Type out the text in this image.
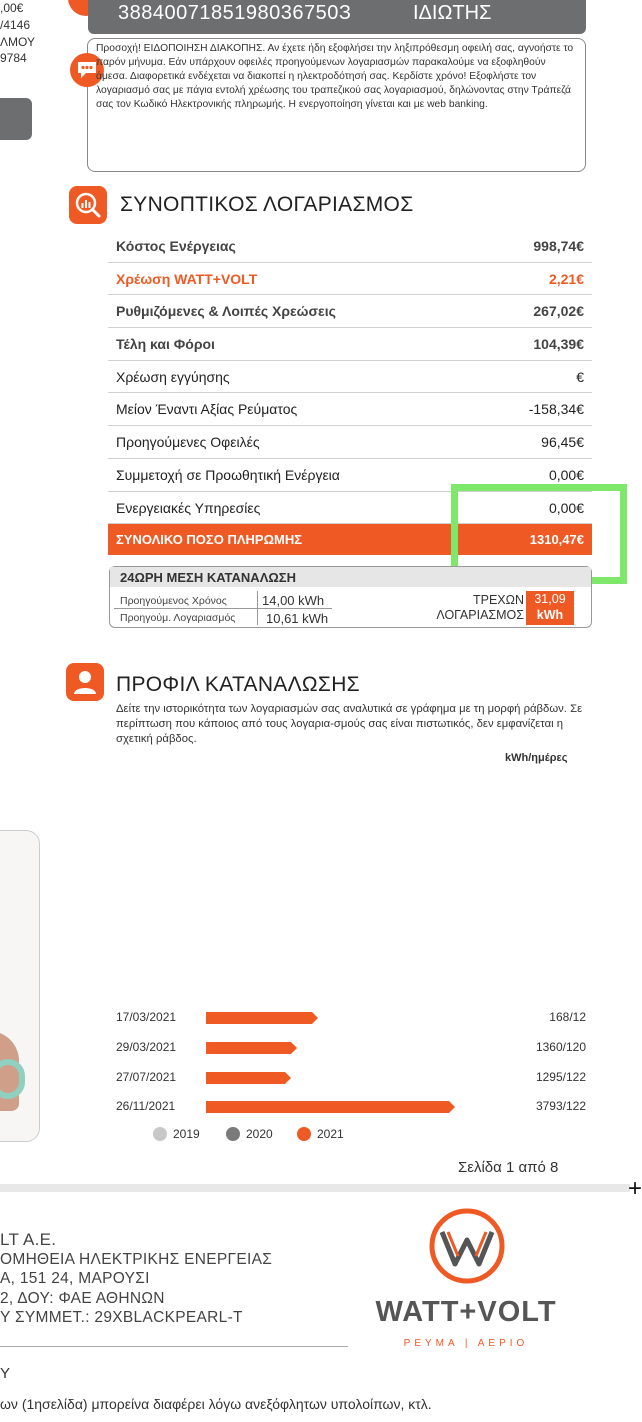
,00€
/4146
ΛΜΟΥ
9784
3884007185198036750З	ΙΔΙΩΤΗΣ
Προσοχή! ΕΙΔΟΠΟΙΗΣΗ ΔΙΑΚΟΠΗΣ. Αν έχετε ήδη εξοφλήσει την ληξιπρόθεσμη οφειλή σας, αγνοήστε το παρόν μήνυμα. Εάν υπάρχουν οφειλές προηγούμενων λογαριασμών παρακαλούμε να εξοφληθούν άμεσα. Διαφορετικά ενδέχεται να διακοπεί η ηλεκτροδότησή σας. Κερδίστε χρόνο! Εξοφλήστε τον λογαριασμό σας με πάγια εντολή χρέωσης του τραπεζικού σας λογαριασμού, δηλώνοντας στην Τράπεζά σας τον Κωδικό Ηλεκτρονικής πληρωμής. Η ενεργοποίηση γίνεται και με web banking.
ΣΥΝΟΠΤΙΚΟΣ ΛΟΓΑΡΙΑΣΜΟΣ
Κόστος Ενέργειας	998,74€
Χρέωση WATT+VOLT	2,21€
Ρυθμιζόμενες & Λοιπές Χρεώσεις	267,02€
Τέλη και Φόροι	104,39€
Χρέωση εγγύησης	€
Μείον Έναντι Αξίας Ρεύματος	-158,34€
Προηγούμενες Οφειλές	96,45€
Συμμετοχή σε Προωθητική Ενέργεια	0,00€
Ενεργειακές Υπηρεσίες	0,00€
ΣΥΝΟΛΙΚΟ ΠΟΣΟ ΠΛΗΡΩΜΗΣ	1310,47€
24ΩΡΗ ΜΕΣΗ ΚΑΤΑΝΑΛΩΣΗ
Προηγούμενος Χρόνος	14,00 kWh
Προηγούμ. Λογαριασμός 10,61 kWh
ΤΡΕΧΩΝ
ΛΟΓΑΡΙΑΣΜΟΣ
31,09
kWh
ΠΡΟΦΙΛ ΚΑΤΑΝΑΛΩΣΗΣ
Δείτε την ιστορικότητα των λογαριασμών σας αναλυτικά σε γράφημα με τη μορφή ράβδων. Σε περίπτωση που κάποιος από τους λογαρια-σμούς σας είναι πιστωτικός, δεν εμφανίζεται η σχετική ράβδος.
kWh/ημέρες
17/03/2021	168/12
29/03/2021	1360/120
27/07/2021	1295/122
26/11/2021	3793/122
2019	2020	2021
Σελίδα 1 από 8
+
LT A.E.
ΟΜΗΘΕΙΑ ΗΛΕΚΤΡΙΚΗΣ ΕΝΕΡΓΕΙΑΣ
Α, 151 24, ΜΑΡΟΥΣΙ
2, ΔΟΥ: ΦΑΕ ΑΘΗΝΩΝ
Υ ΣΥΜΜΕΤ.: 29XBLACKPEARL-T	WATT+VOLT
ΡΕΥΜΑ | ΑΕΡΙΟ
Υ
ων (1ησελίδα) μπορείνα διαφέρει λόγω ανεξόφλητων υπολοίπων, κτλ.
